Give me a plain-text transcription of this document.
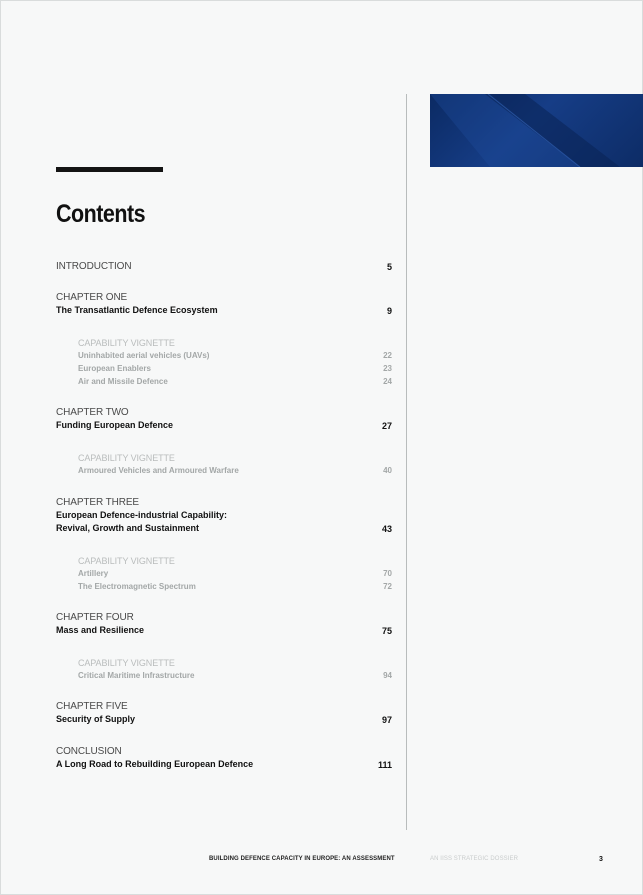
Contents
INTRODUCTION	5
CHAPTER ONE
The Transatlantic Defence Ecosystem	9
CAPABILITY VIGNETTE
Uninhabited aerial vehicles (UAVs)	22
European Enablers	23
Air and Missile Defence	24
CHAPTER TWO
Funding European Defence	27
CAPABILITY VIGNETTE
Armoured Vehicles and Armoured Warfare	40
CHAPTER THREE
European Defence-industrial Capability:
Revival, Growth and Sustainment	43
CAPABILITY VIGNETTE
Artillery	70
The Electromagnetic Spectrum	72
CHAPTER FOUR
Mass and Resilience	75
CAPABILITY VIGNETTE
Critical Maritime Infrastructure	94
CHAPTER FIVE
Security of Supply	97
CONCLUSION
A Long Road to Rebuilding European Defence	111
BUILDING DEFENCE CAPACITY IN EUROPE: AN ASSESSMENT	AN IISS STRATEGIC DOSSIER	3
